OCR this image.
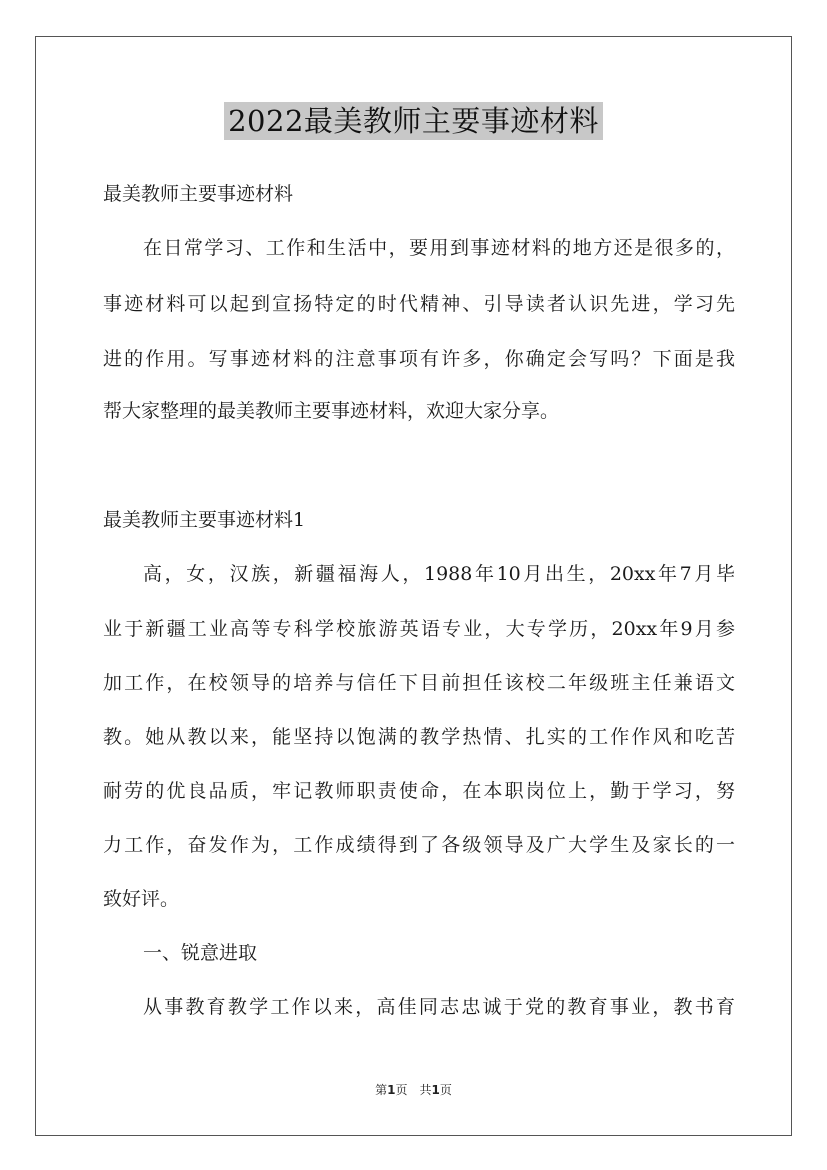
2022最美教师主要事迹材料
最美教师主要事迹材料
在日常学习、工作和生活中，要用到事迹材料的地方还是很多的，
事迹材料可以起到宣扬特定的时代精神、引导读者认识先进，学习先
进的作用。写事迹材料的注意事项有许多，你确定会写吗？下面是我
帮大家整理的最美教师主要事迹材料，欢迎大家分享。
最美教师主要事迹材料1
高，女，汉族，新疆福海人，1988年10月出生，20xx年7月毕
业于新疆工业高等专科学校旅游英语专业，大专学历，20xx年9月参
加工作，在校领导的培养与信任下目前担任该校二年级班主任兼语文
教。她从教以来，能坚持以饱满的教学热情、扎实的工作作风和吃苦
耐劳的优良品质，牢记教师职责使命，在本职岗位上，勤于学习，努
力工作，奋发作为，工作成绩得到了各级领导及广大学生及家长的一
致好评。
一、锐意进取
从事教育教学工作以来，高佳同志忠诚于党的教育事业，教书育
第1页　共1页
